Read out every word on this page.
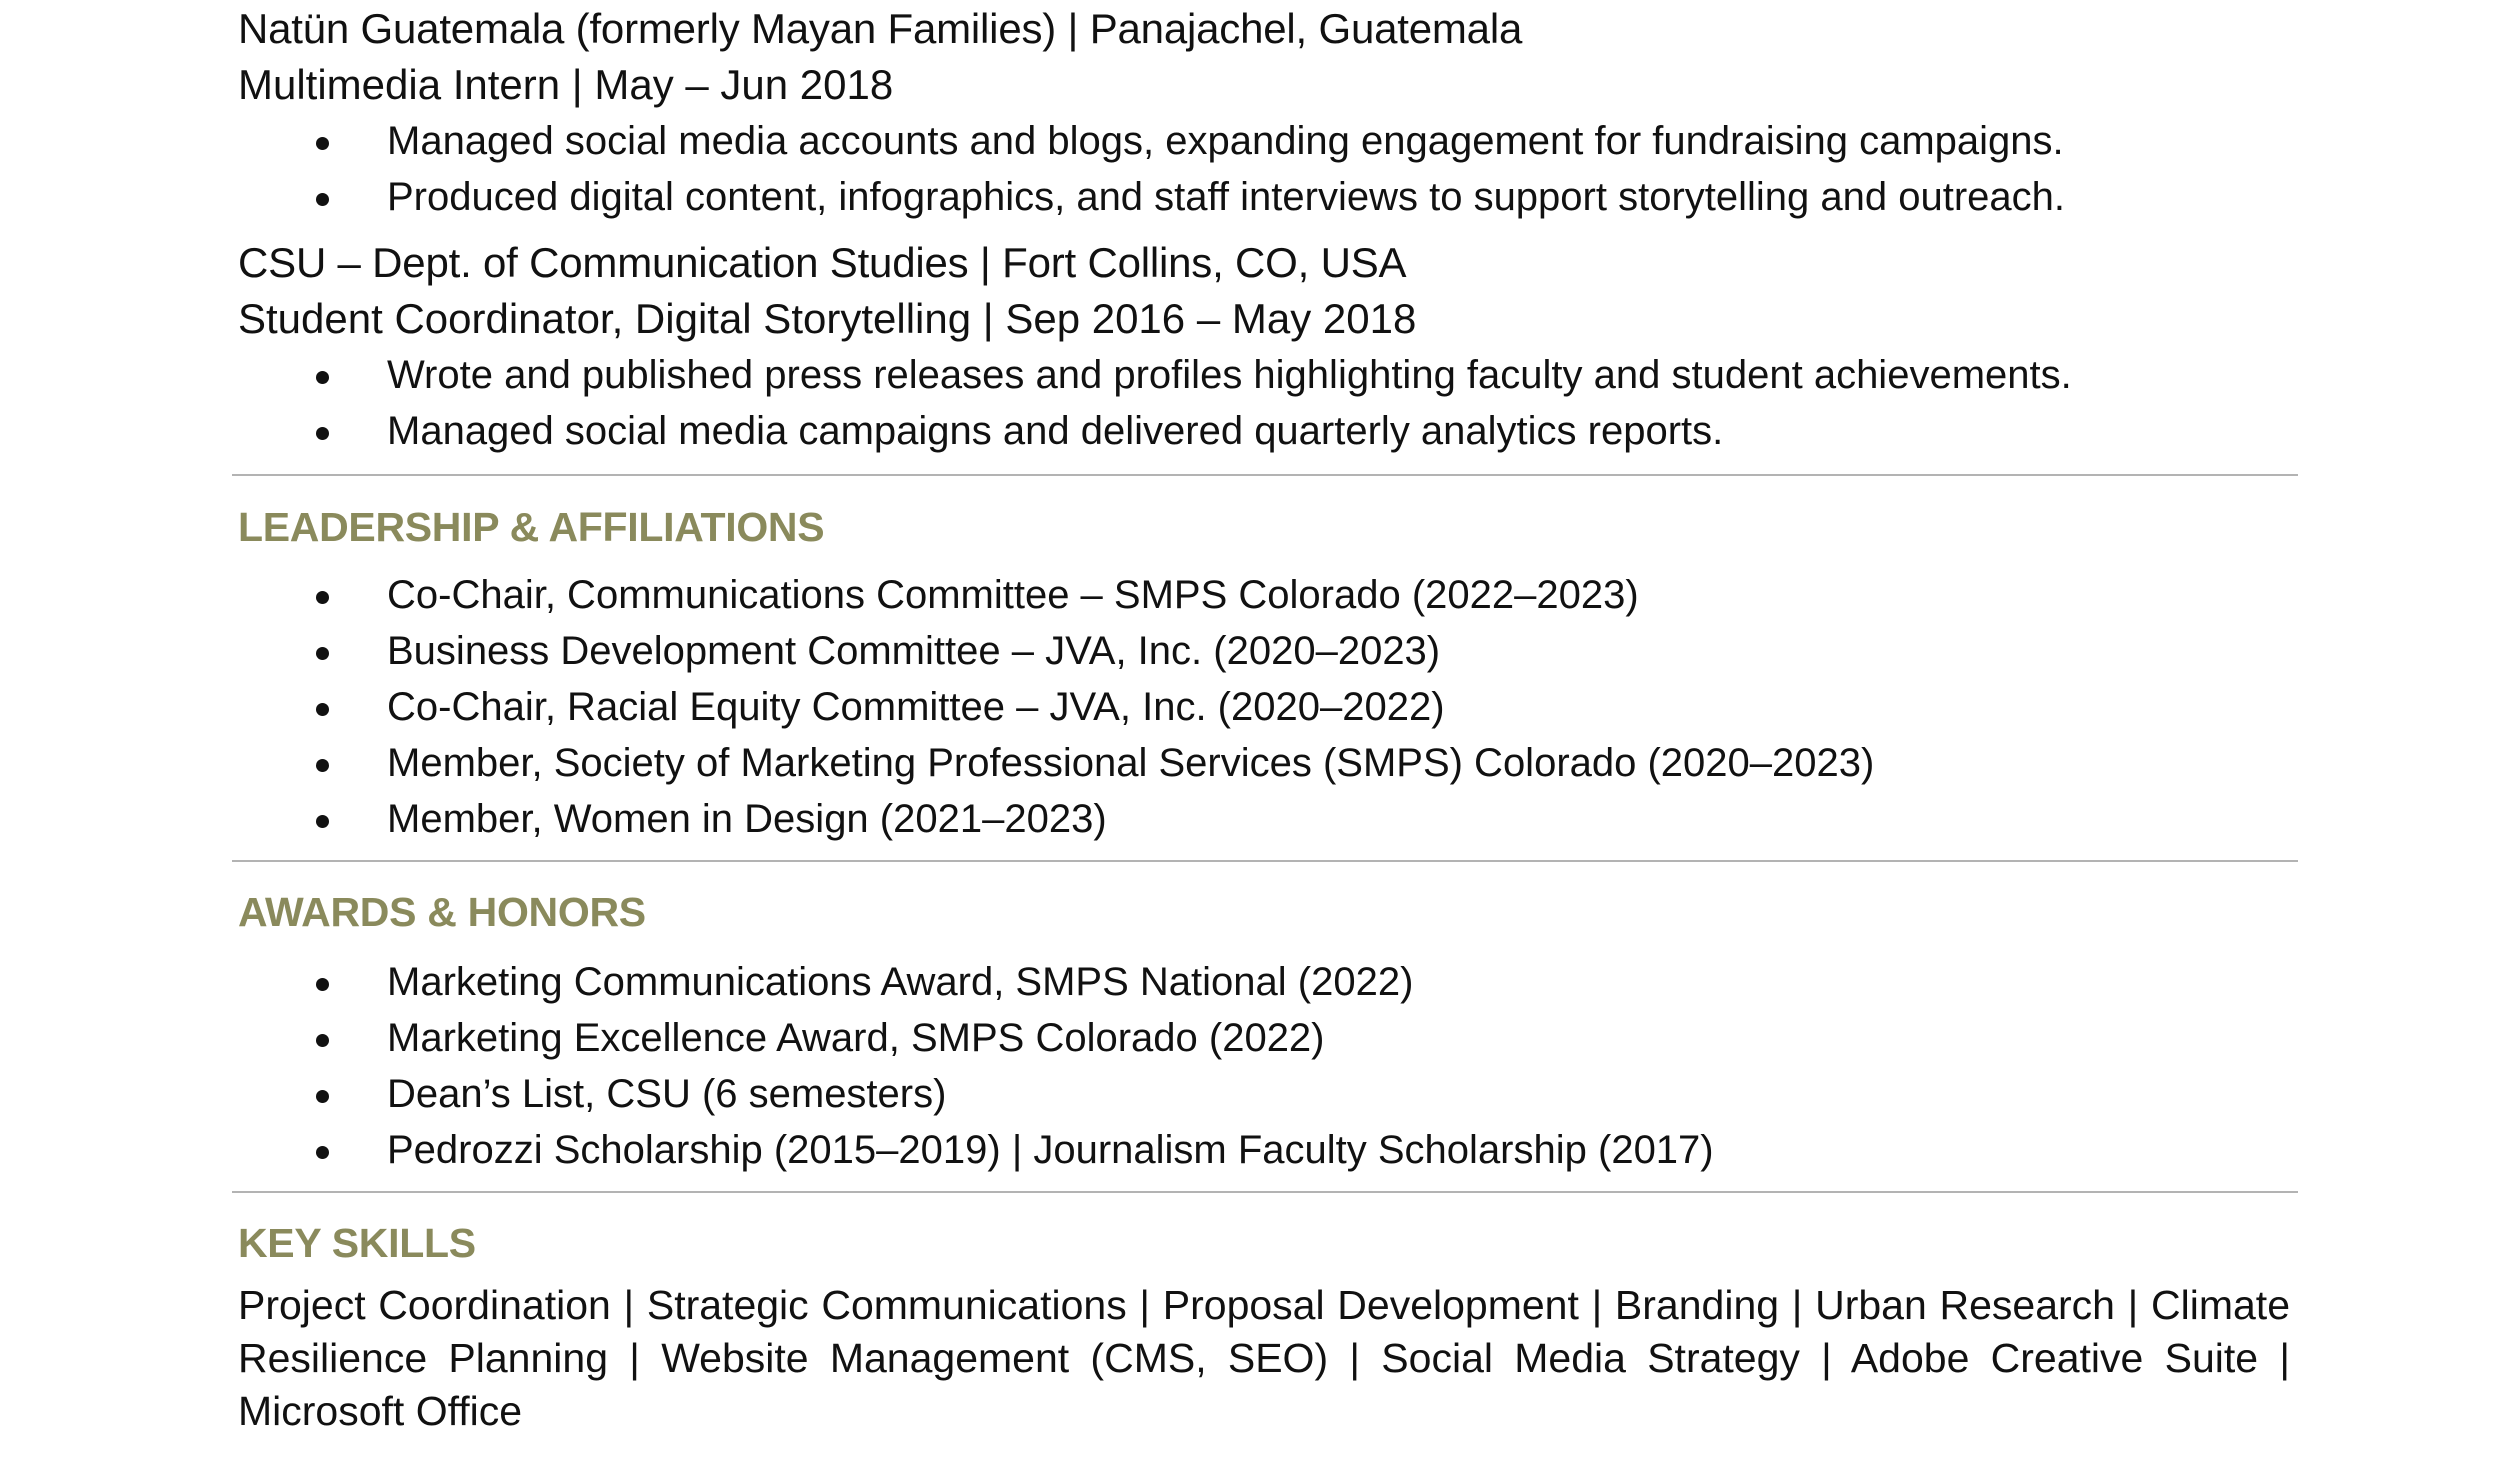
Natün Guatemala (formerly Mayan Families) | Panajachel, Guatemala
Multimedia Intern | May – Jun 2018
Managed social media accounts and blogs, expanding engagement for fundraising campaigns.
Produced digital content, infographics, and staff interviews to support storytelling and outreach.
CSU – Dept. of Communication Studies | Fort Collins, CO, USA
Student Coordinator, Digital Storytelling | Sep 2016 – May 2018
Wrote and published press releases and profiles highlighting faculty and student achievements.
Managed social media campaigns and delivered quarterly analytics reports.
LEADERSHIP & AFFILIATIONS
Co-Chair, Communications Committee – SMPS Colorado (2022–2023)
Business Development Committee – JVA, Inc. (2020–2023)
Co-Chair, Racial Equity Committee – JVA, Inc. (2020–2022)
Member, Society of Marketing Professional Services (SMPS) Colorado (2020–2023)
Member, Women in Design (2021–2023)
AWARDS & HONORS
Marketing Communications Award, SMPS National (2022)
Marketing Excellence Award, SMPS Colorado (2022)
Dean’s List, CSU (6 semesters)
Pedrozzi Scholarship (2015–2019) | Journalism Faculty Scholarship (2017)
KEY SKILLS
Project Coordination | Strategic Communications | Proposal Development | Branding | Urban Research | Climate Resilience Planning | Website Management (CMS, SEO) | Social Media Strategy | Adobe Creative Suite | Microsoft Office
